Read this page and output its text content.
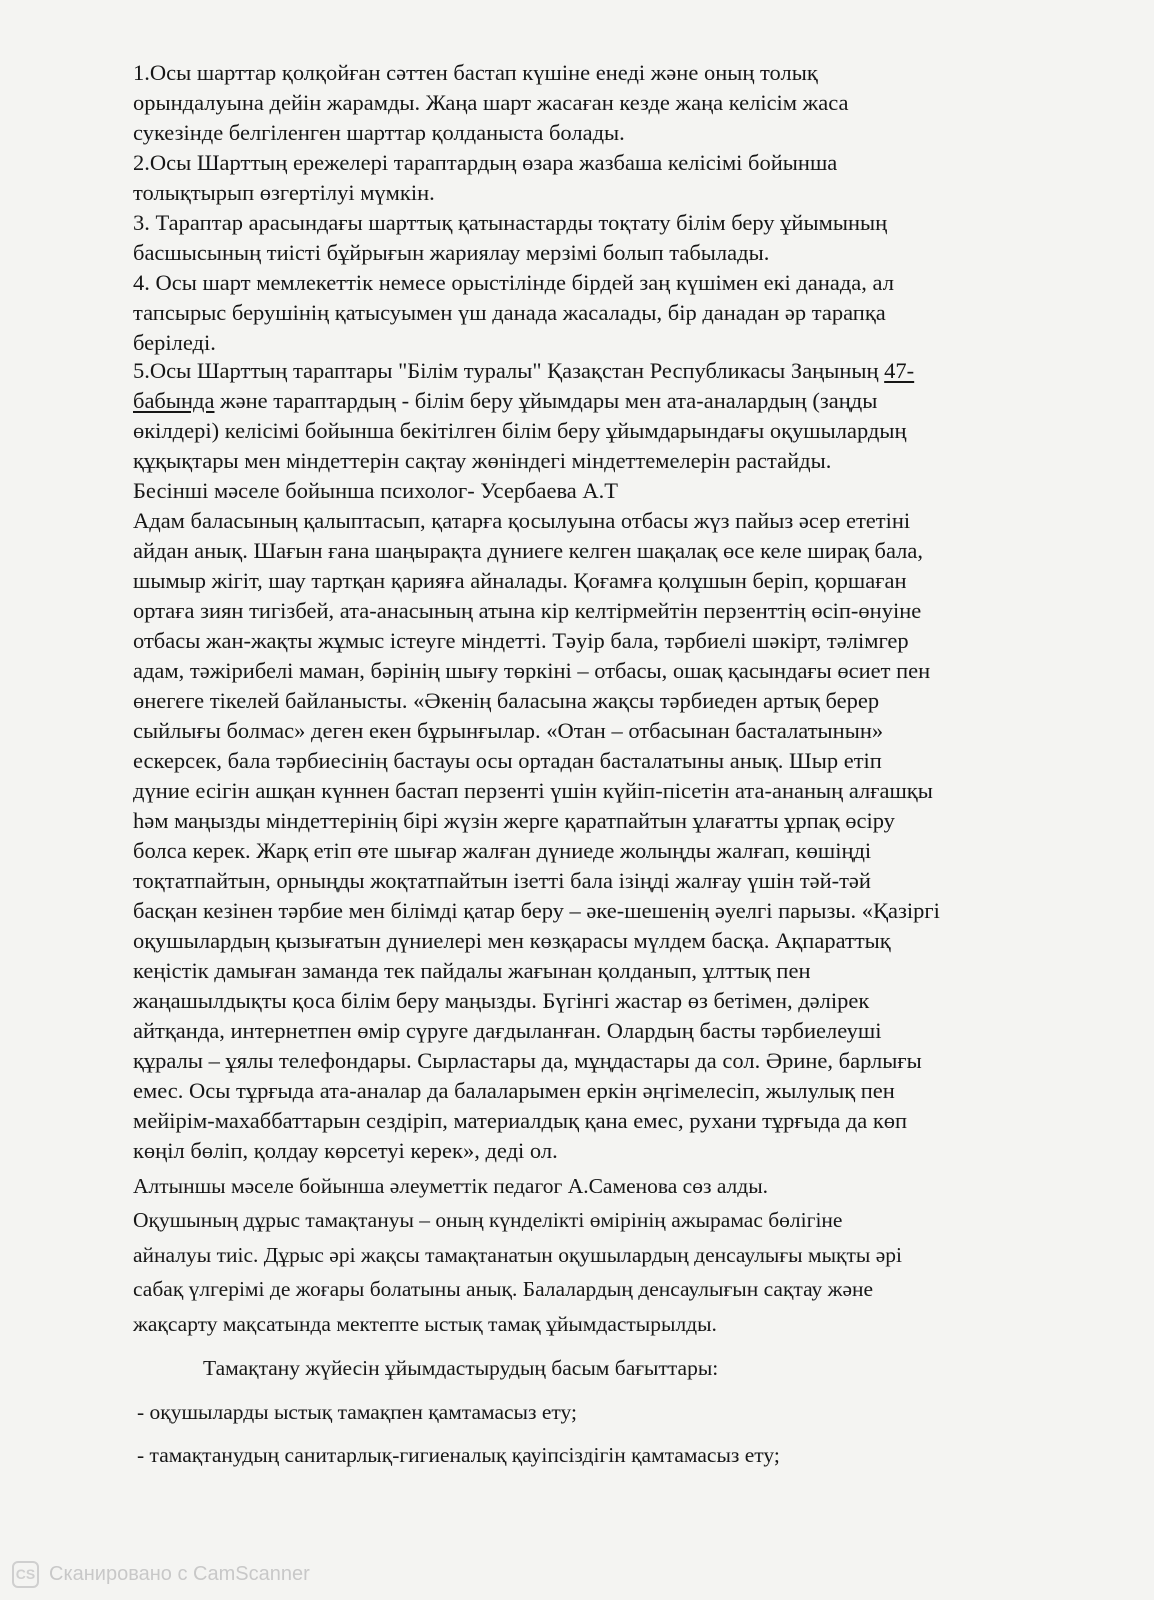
1.Осы шарттар қолқойған сәттен бастап күшіне енеді және оның толық
орындалуына дейін жарамды. Жаңа шарт жасаған кезде жаңа келісім жаса
сукезінде белгіленген шарттар қолданыста болады.
2.Осы Шарттың ережелері тараптардың өзара жазбаша келісімі бойынша
толықтырып өзгертілуі мүмкін.
3. Тараптар арасындағы шарттық қатынастарды тоқтату білім беру ұйымының
басшысының тиісті бұйрығын жариялау мерзімі болып табылады.
4. Осы шарт мемлекеттік немесе орыстілінде бірдей заң күшімен екі данада, ал
тапсырыс берушінің қатысуымен үш данада жасалады, бір данадан әр тарапқа
беріледі.
5.Осы Шарттың тараптары "Білім туралы" Қазақстан Республикасы Заңының 47-
бабында және тараптардың - білім беру ұйымдары мен ата-аналардың (заңды
өкілдері) келісімі бойынша бекітілген білім беру ұйымдарындағы оқушылардың
құқықтары мен міндеттерін сақтау жөніндегі міндеттемелерін растайды.
Бесінші мәселе бойынша психолог- Усербаева А.Т
Адам баласының қалыптасып, қатарға қосылуына отбасы жүз пайыз әсер ететіні
айдан анық. Шағын ғана шаңырақта дүниеге келген шақалақ өсе келе ширақ бала,
шымыр жігіт, шау тартқан қарияға айналады. Қоғамға қолұшын беріп, қоршаған
ортаға зиян тигізбей, ата-анасының атына кір келтірмейтін перзенттің өсіп-өнуіне
отбасы жан-жақты жұмыс істеуге міндетті. Тәуір бала, тәрбиелі шәкірт, тәлімгер
адам, тәжірибелі маман, бәрінің шығу төркіні – отбасы, ошақ қасындағы өсиет пен
өнегеге тікелей байланысты. «Әкенің баласына жақсы тәрбиеден артық берер
сыйлығы болмас» деген екен бұрынғылар. «Отан – отбасынан басталатынын»
ескерсек, бала тәрбиесінің бастауы осы ортадан басталатыны анық. Шыр етіп
дүние есігін ашқан күннен бастап перзенті үшін күйіп-пісетін ата-ананың алғашқы
һәм маңызды міндеттерінің бірі жүзін жерге қаратпайтын ұлағатты ұрпақ өсіру
болса керек. Жарқ етіп өте шығар жалған дүниеде жолыңды жалғап, көшіңді
тоқтатпайтын, орныңды жоқтатпайтын ізетті бала ізіңді жалғау үшін тәй-тәй
басқан кезінен тәрбие мен білімді қатар беру – әке-шешенің әуелгі парызы. «Қазіргі
оқушылардың қызығатын дүниелері мен көзқарасы мүлдем басқа. Ақпараттық
кеңістік дамыған заманда тек пайдалы жағынан қолданып, ұлттық пен
жаңашылдықты қоса білім беру маңызды. Бүгінгі жастар өз бетімен, дәлірек
айтқанда, интернетпен өмір сүруге дағдыланған. Олардың басты тәрбиелеуші
құралы – ұялы телефондары. Сырластары да, мұңдастары да сол. Әрине, барлығы
емес. Осы тұрғыда ата-аналар да балаларымен еркін әңгімелесіп, жылулық пен
мейірім-махаббаттарын сездіріп, материалдық қана емес, рухани тұрғыда да көп
көңіл бөліп, қолдау көрсетуі керек», деді ол.
Алтыншы мәселе бойынша әлеуметтік педагог А.Саменова сөз алды.
Оқушының дұрыс тамақтануы – оның күнделікті өмірінің ажырамас бөлігіне
айналуы тиіс. Дұрыс әрі жақсы тамақтанатын оқушылардың денсаулығы мықты әрі
сабақ үлгерімі де жоғары болатыны анық. Балалардың денсаулығын сақтау және
жақсарту мақсатында мектепте ыстық тамақ ұйымдастырылды.
Тамақтану жүйесін ұйымдастырудың басым бағыттары:
- оқушыларды ыстық тамақпен қамтамасыз ету;
- тамақтанудың санитарлық-гигиеналық қауіпсіздігін қамтамасыз ету;
CS Сканировано с CamScanner
